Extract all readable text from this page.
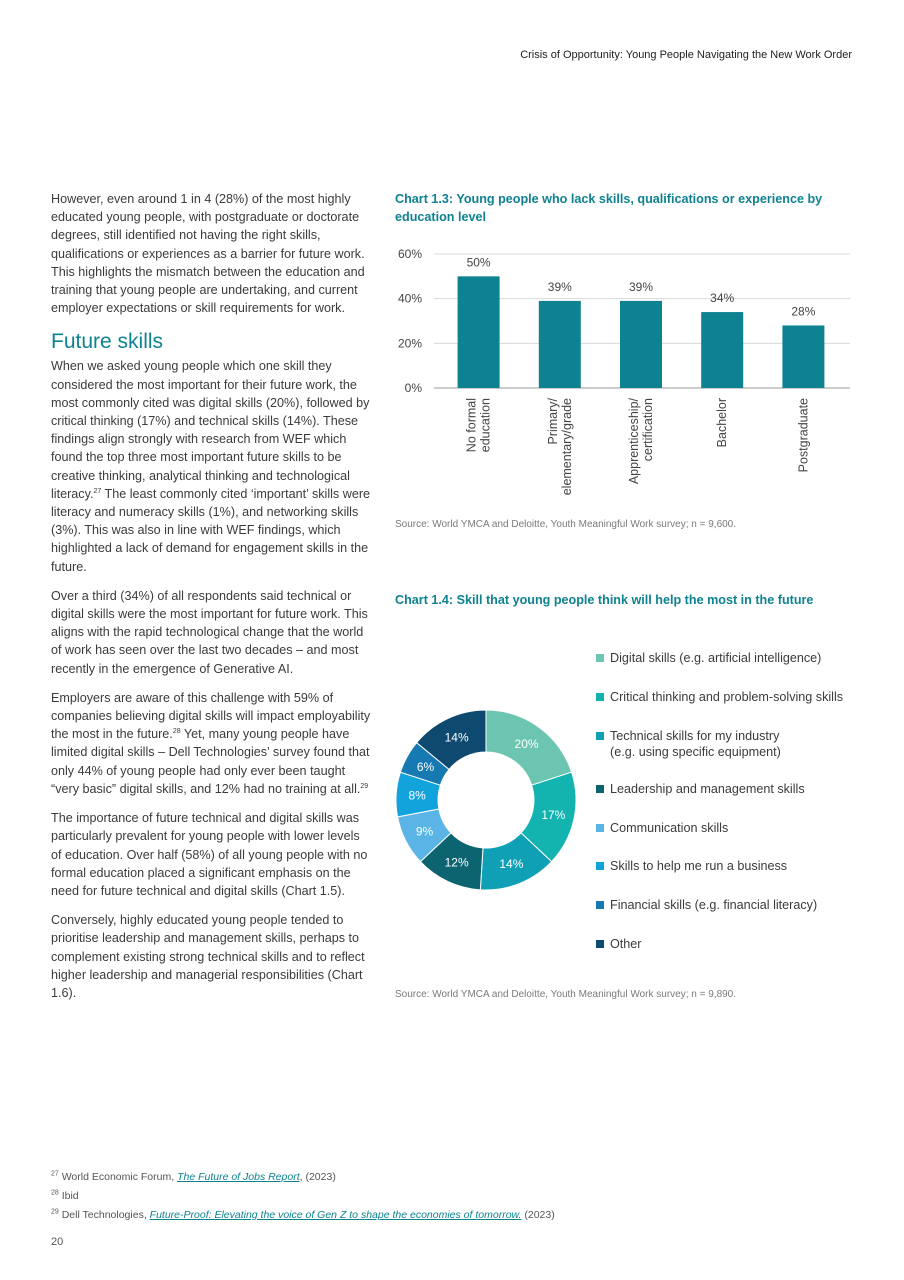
Crisis of Opportunity: Young People Navigating the New Work Order

However, even around 1 in 4 (28%) of the most highly educated young people, with postgraduate or doctorate degrees, still identified not having the right skills, qualifications or experiences as a barrier for future work. This highlights the mismatch between the education and training that young people are undertaking, and current employer expectations or skill requirements for work.

Future skills

When we asked young people which one skill they considered the most important for their future work, the most commonly cited was digital skills (20%), followed by critical thinking (17%) and technical skills (14%). These findings align strongly with research from WEF which found the top three most important future skills to be creative thinking, analytical thinking and technological literacy.$^{27}$ The least commonly cited ‘important’ skills were literacy and numeracy skills (1%), and networking skills (3%). This was also in line with WEF findings, which highlighted a lack of demand for engagement skills in the future.

Over a third (34%) of all respondents said technical or digital skills were the most important for future work. This aligns with the rapid technological change that the world of work has seen over the last two decades – and most recently in the emergence of Generative AI.

Employers are aware of this challenge with 59% of companies believing digital skills will impact employability the most in the future.$^{28}$ Yet, many young people have limited digital skills – Dell Technologies’ survey found that only 44% of young people had only ever been taught “very basic” digital skills, and 12% had no training at all.$^{29}$

The importance of future technical and digital skills was particularly prevalent for young people with lower levels of education. Over half (58%) of all young people with no formal education placed a significant emphasis on the need for future technical and digital skills (Chart 1.5).

Conversely, highly educated young people tended to prioritise leadership and management skills, perhaps to complement existing strong technical skills and to reflect higher leadership and managerial responsibilities (Chart 1.6).

Chart 1.3: Young people who lack skills, qualifications or experience by education level
0%
20%
40%
60%
50%
No formal education
39%
Primary/ elementary/grade
39%
Apprenticeship/ certification
34%
Bachelor
28%
Postgraduate
Source: World YMCA and Deloitte, Youth Meaningful Work survey; n = 9,600.
Chart 1.4: Skill that young people think will help the most in the future
20%
17%
14%
12%
9%
8%
6%
14%
Digital skills (e.g. artificial intelligence)
Critical thinking and problem-solving skills
Technical skills for my industry
(e.g. using specific equipment)
Leadership and management skills
Communication skills
Skills to help me run a business
Financial skills (e.g. financial literacy)
Other
Source: World YMCA and Deloitte, Youth Meaningful Work survey; n = 9,890.
$^{27}$ World Economic Forum, The Future of Jobs Report, (2023)
$^{28}$ Ibid
$^{29}$ Dell Technologies, Future-Proof: Elevating the voice of Gen Z to shape the economies of tomorrow. (2023)
20
